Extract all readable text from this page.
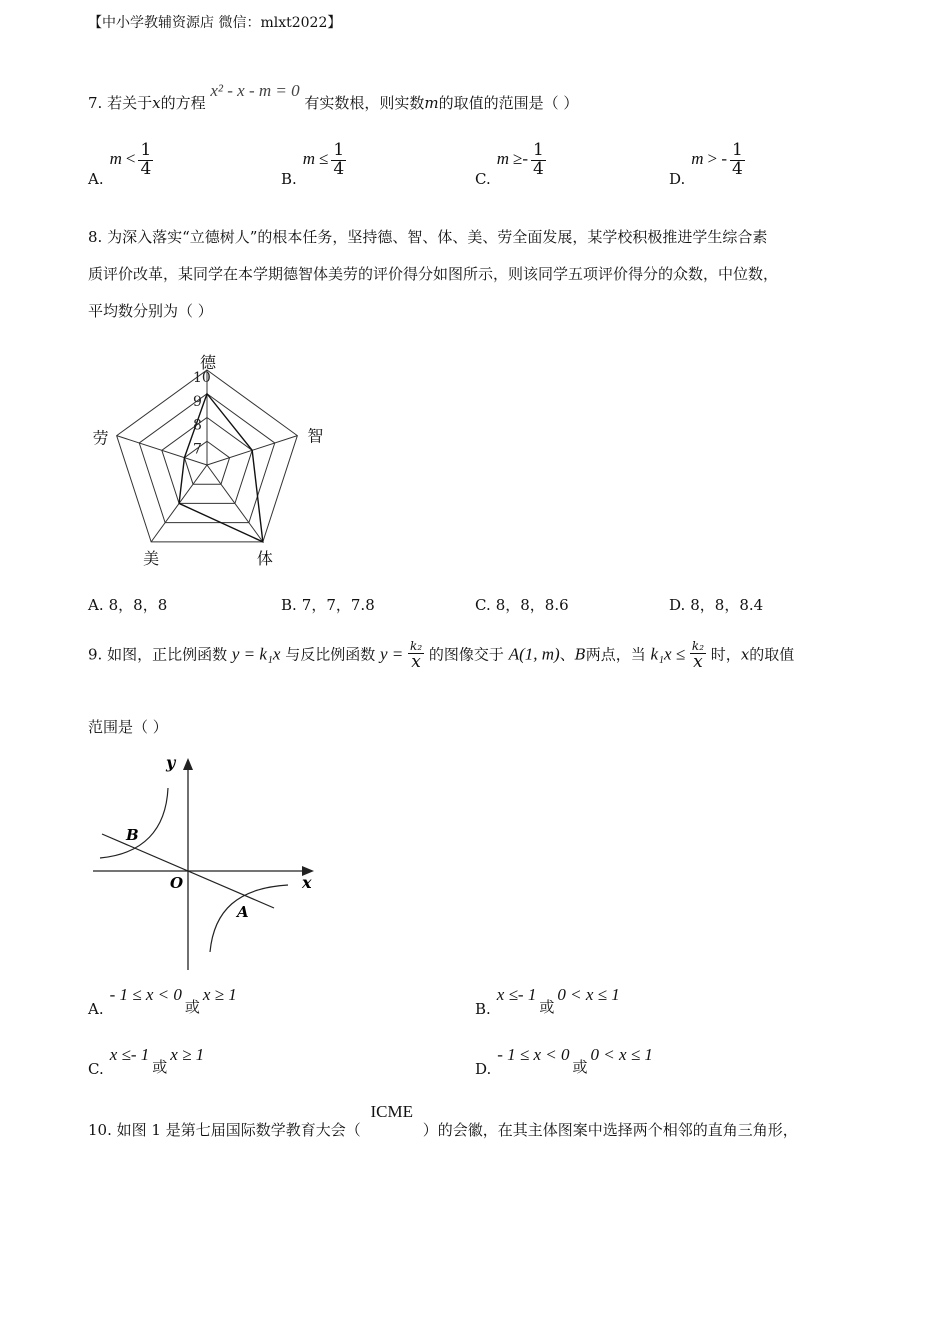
【中小学教辅资源店 微信：mlxt2022】
7. 若关于x的方程 x² - x - m = 0 有实数根，则实数m的取值的范围是（ ）
$A.m < \frac{1}{4}$
$B.m \le \frac{1}{4}$
$C.m \ge- \frac{1}{4}$
D.m > - $\frac{1}{4}$
8. 为深入落实“立德树人”的根本任务，坚持德、智、体、美、劳全面发展，某学校积极推进学生综合素
质评价改革，某同学在本学期德智体美劳的评价得分如图所示，则该同学五项评价得分的众数，中位数，
平均数分别为（ ）
7
8
9
10
德
智
体
美
劳
A. 8，8，8	B. 7，7，7.8	C. 8，8，8.6	D. 8，8，8.4
9. 如图，正比例函数 y = k₁x 与反比例函数 $y = \frac{\text{k₂}}{x}$ 的图像交于 A(1, m)、B两点，当 $k_1x \le \frac{\text{k₂}}{x}$ 时，x的取值
范围是（ ）
y
x
O
A
B
A.- 1 ≤ x < 0或x ≥ 1
B.x ≤- 1或0 < x ≤ 1
C.x ≤- 1或x ≥ 1
D.- 1 ≤ x < 0或0 < x ≤ 1
10. 如图 1 是第七届国际数学教育大会（ICME）的会徽，在其主体图案中选择两个相邻的直角三角形，
